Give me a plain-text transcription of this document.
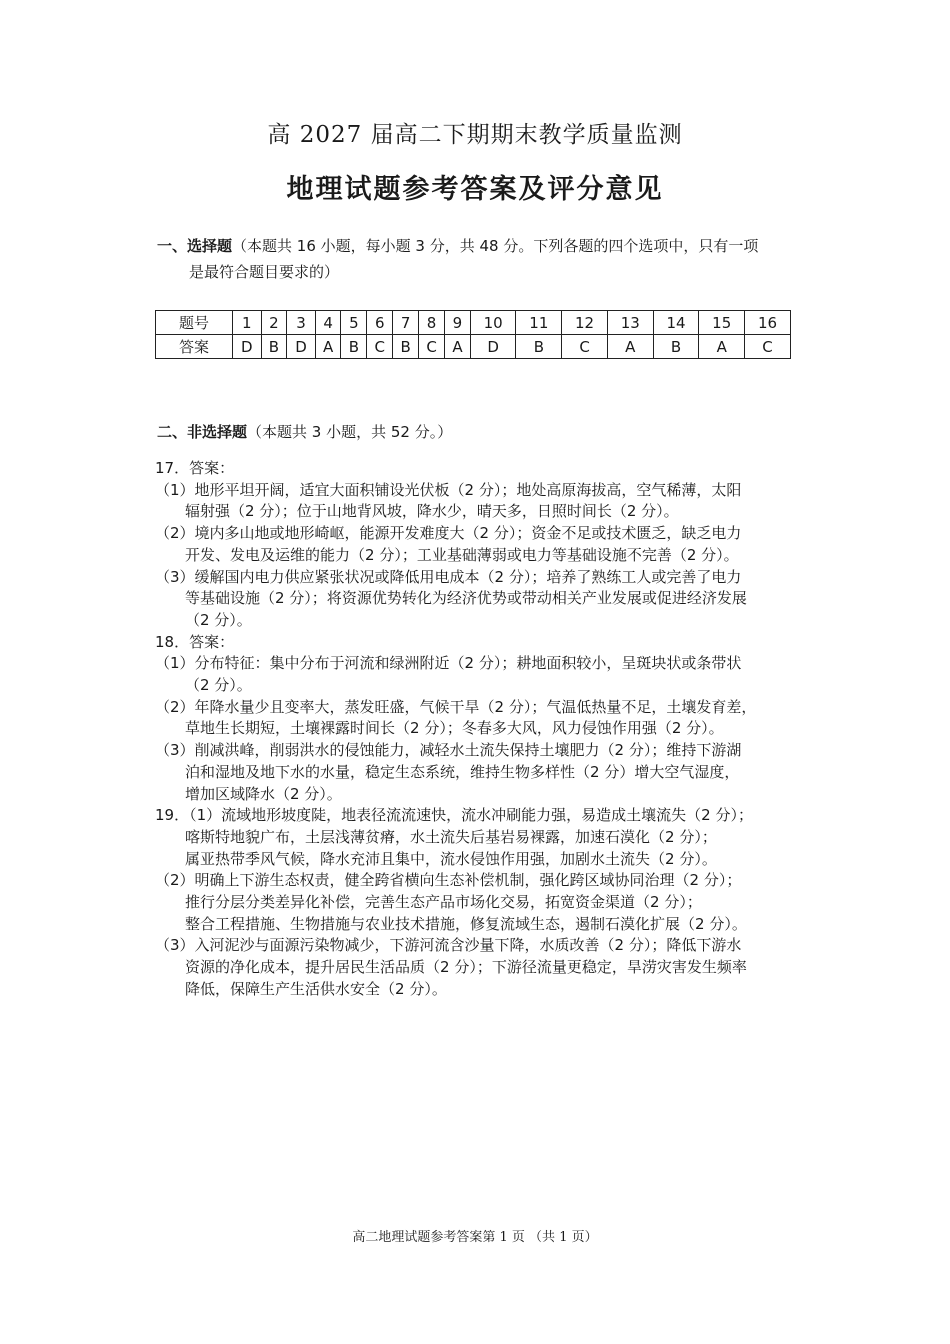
高 2027 届高二下期期末教学质量监测
地理试题参考答案及评分意见
一、选择题（本题共 16 小题，每小题 3 分，共 48 分。下列各题的四个选项中，只有一项
是最符合题目要求的）
题号	1	2	3	4	5	6	7	8	9	10	11	12	13	14	15	16
答案	D	B	D	A	B	C	B	C	A	D	B	C	A	B	A	C
二、非选择题（本题共 3 小题，共 52 分。）
17．答案：
（1）地形平坦开阔，适宜大面积铺设光伏板（2 分）；地处高原海拔高，空气稀薄，太阳
辐射强（2 分）；位于山地背风坡，降水少，晴天多，日照时间长（2 分）。
（2）境内多山地或地形崎岖，能源开发难度大（2 分）；资金不足或技术匮乏，缺乏电力
开发、发电及运维的能力（2 分）；工业基础薄弱或电力等基础设施不完善（2 分）。
（3）缓解国内电力供应紧张状况或降低用电成本（2 分）；培养了熟练工人或完善了电力
等基础设施（2 分）；将资源优势转化为经济优势或带动相关产业发展或促进经济发展
（2 分）。
18．答案：
（1）分布特征：集中分布于河流和绿洲附近（2 分）；耕地面积较小，呈斑块状或条带状
（2 分）。
（2）年降水量少且变率大，蒸发旺盛，气候干旱（2 分）；气温低热量不足，土壤发育差，
草地生长期短，土壤裸露时间长（2 分）；冬春多大风，风力侵蚀作用强（2 分）。
（3）削减洪峰，削弱洪水的侵蚀能力，减轻水土流失保持土壤肥力（2 分）；维持下游湖
泊和湿地及地下水的水量，稳定生态系统，维持生物多样性（2 分）增大空气湿度，
增加区域降水（2 分）。
19．（1）流域地形坡度陡，地表径流流速快，流水冲刷能力强，易造成土壤流失（2 分）；
喀斯特地貌广布，土层浅薄贫瘠，水土流失后基岩易裸露，加速石漠化（2 分）；
属亚热带季风气候，降水充沛且集中，流水侵蚀作用强，加剧水土流失（2 分）。
（2）明确上下游生态权责，健全跨省横向生态补偿机制，强化跨区域协同治理（2 分）；
推行分层分类差异化补偿，完善生态产品市场化交易，拓宽资金渠道（2 分）；
整合工程措施、生物措施与农业技术措施，修复流域生态，遏制石漠化扩展（2 分）。
（3）入河泥沙与面源污染物减少，下游河流含沙量下降，水质改善（2 分）；降低下游水
资源的净化成本，提升居民生活品质（2 分）；下游径流量更稳定，旱涝灾害发生频率
降低，保障生产生活供水安全（2 分）。
高二地理试题参考答案第 1 页 （共 1 页）
